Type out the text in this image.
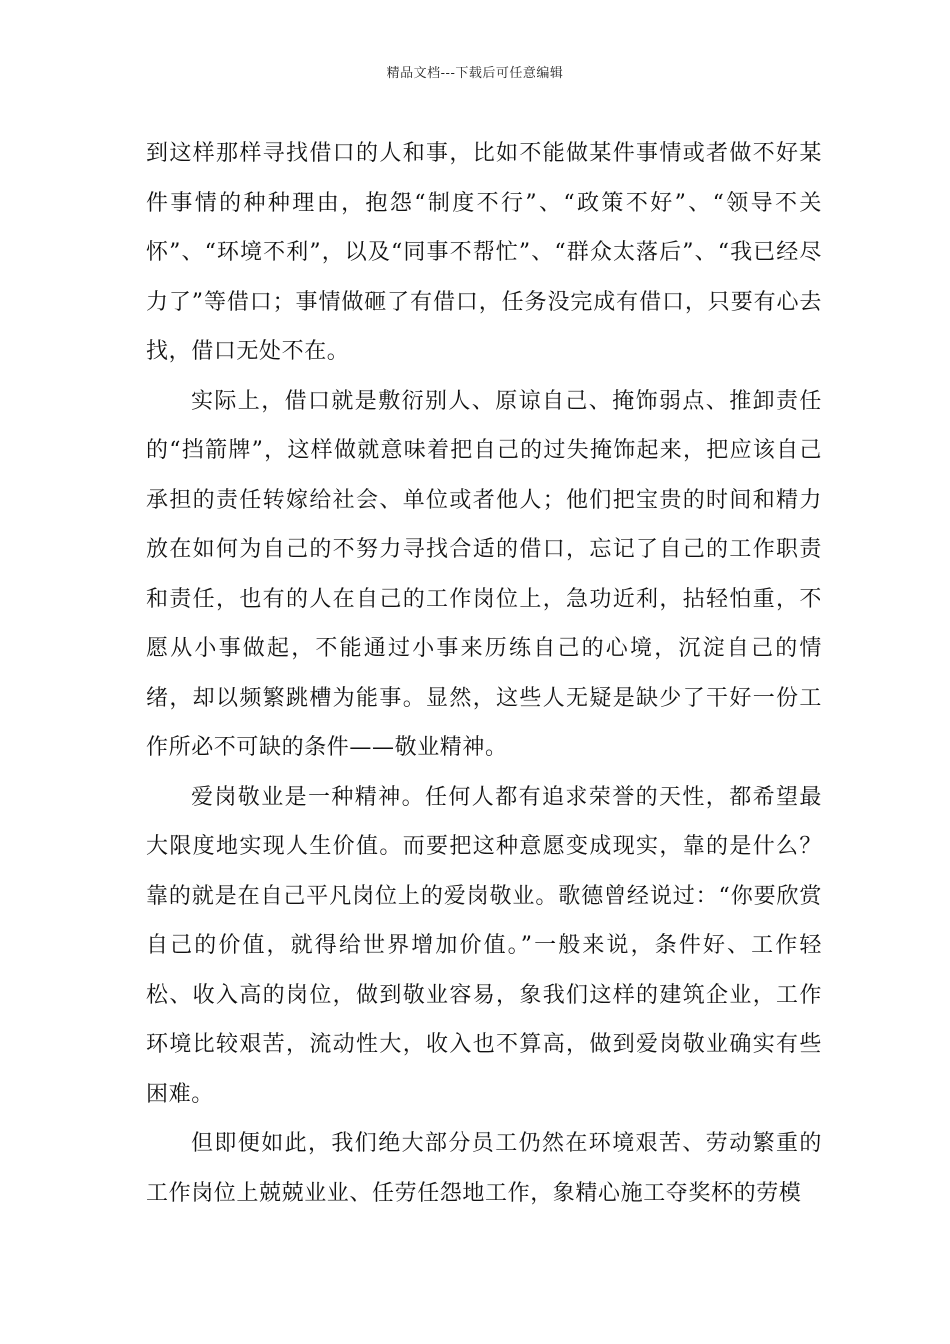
精品文档---下载后可任意编辑

到这样那样寻找借口的人和事，比如不能做某件事情或者做不好某件事情的种种理由，抱怨“制度不行”、“政策不好”、“领导不关怀”、“环境不利”，以及“同事不帮忙”、“群众太落后”、“我已经尽力了”等借口；事情做砸了有借口，任务没完成有借口，只要有心去找，借口无处不在。

实际上，借口就是敷衍别人、原谅自己、掩饰弱点、推卸责任的“挡箭牌”，这样做就意味着把自己的过失掩饰起来，把应该自己承担的责任转嫁给社会、单位或者他人；他们把宝贵的时间和精力放在如何为自己的不努力寻找合适的借口，忘记了自己的工作职责和责任，也有的人在自己的工作岗位上，急功近利，拈轻怕重，不愿从小事做起，不能通过小事来历练自己的心境，沉淀自己的情绪，却以频繁跳槽为能事。显然，这些人无疑是缺少了干好一份工作所必不可缺的条件——敬业精神。

爱岗敬业是一种精神。任何人都有追求荣誉的天性，都希望最大限度地实现人生价值。而要把这种意愿变成现实，靠的是什么？靠的就是在自己平凡岗位上的爱岗敬业。歌德曾经说过：“你要欣赏自己的价值，就得给世界增加价值。”一般来说，条件好、工作轻松、收入高的岗位，做到敬业容易，象我们这样的建筑企业，工作环境比较艰苦，流动性大，收入也不算高，做到爱岗敬业确实有些困难。

但即便如此，我们绝大部分员工仍然在环境艰苦、劳动繁重的工作岗位上兢兢业业、任劳任怨地工作，象精心施工夺奖杯的劳模
